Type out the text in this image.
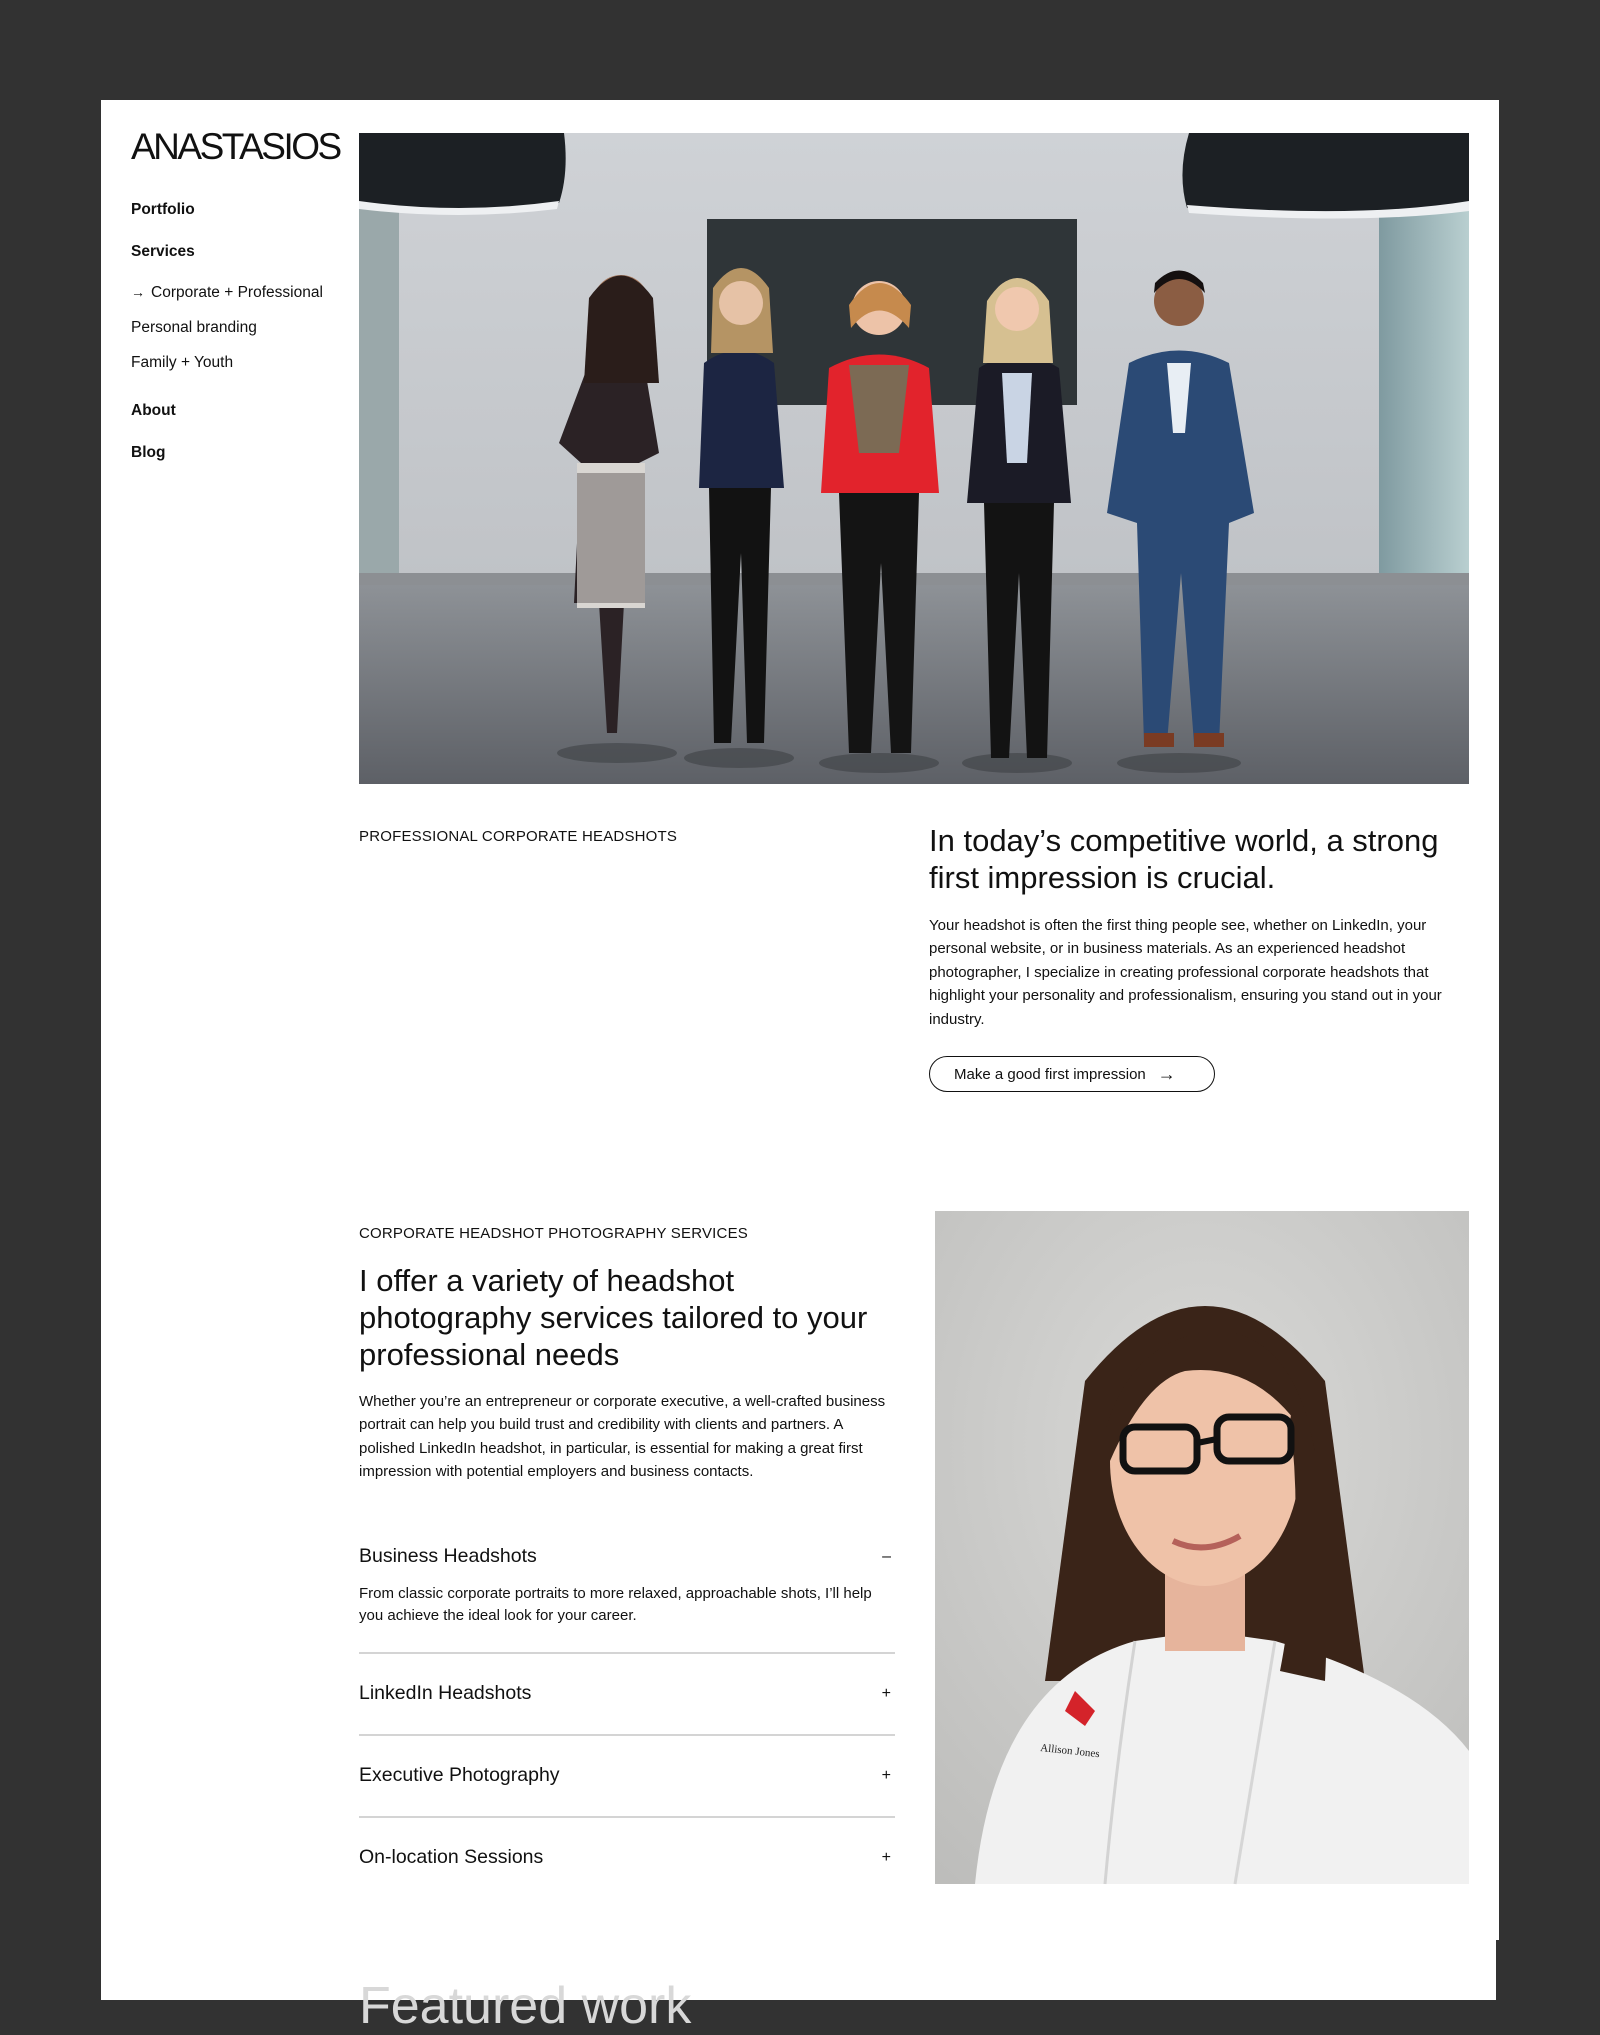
ANASTASIOS
Portfolio
Services
→ Corporate + Professional
Personal branding
Family + Youth
About
Blog
PROFESSIONAL CORPORATE HEADSHOTS	In today’s competitive world, a strong first impression is crucial.

Your headshot is often the first thing people see, whether on LinkedIn, your personal website, or in business materials. As an experienced headshot photographer, I specialize in creating professional corporate headshots that highlight your personality and professionalism, ensuring you stand out in your industry.

Make a good first impression →
CORPORATE HEADSHOT PHOTOGRAPHY SERVICES
I offer a variety of headshot photography services tailored to your professional needs

Whether you’re an entrepreneur or corporate executive, a well-crafted business portrait can help you build trust and credibility with clients and partners. A polished LinkedIn headshot, in particular, is essential for making a great first impression with potential employers and business contacts.

Business Headshots	–

From classic corporate portraits to more relaxed, approachable shots, I’ll help you achieve the ideal look for your career.

LinkedIn Headshots	+
Executive Photography	+
On-location Sessions	+
Allison Jones
Featured work
